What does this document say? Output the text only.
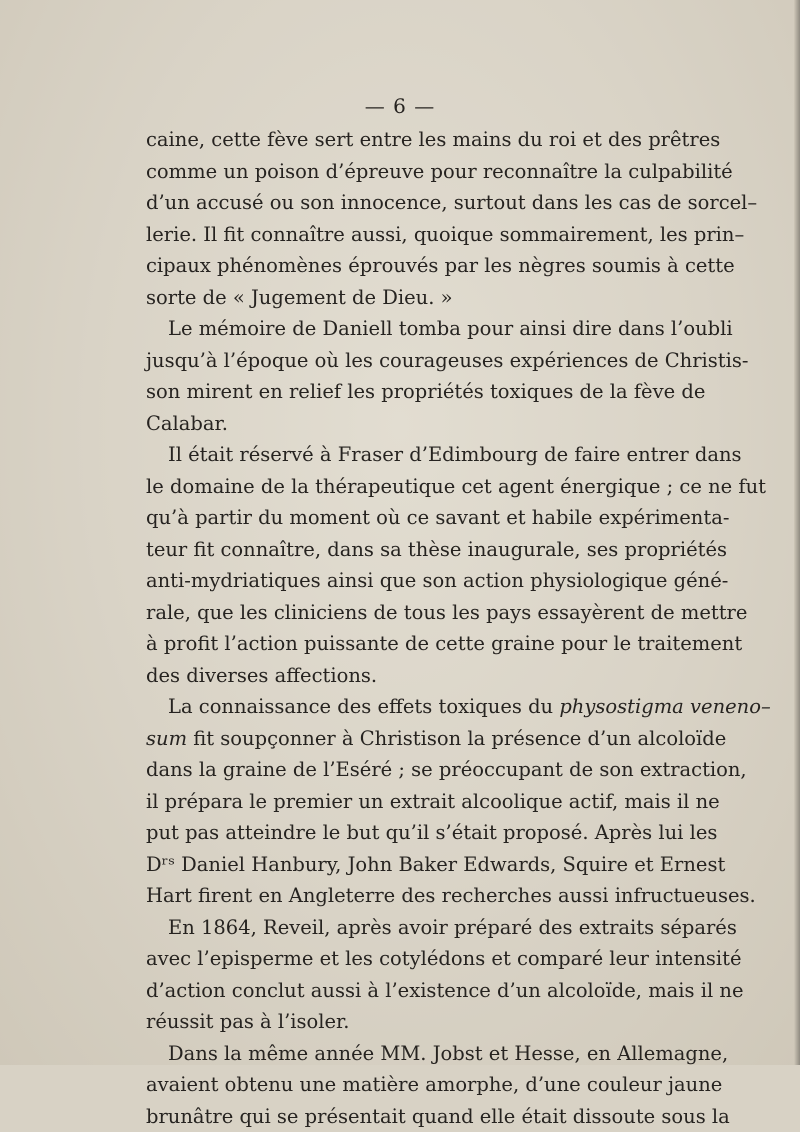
— 6 —
caine, cette fève sert entre les mains du roi et des prêtres
comme un poison d’épreuve pour reconnaître la culpabilité
d’un accusé ou son innocence, surtout dans les cas de sorcel–
lerie. Il fit connaître aussi, quoique sommairement, les prin–
cipaux phénomènes éprouvés par les nègres soumis à cette
sorte de « Jugement de Dieu. »
Le mémoire de Daniell tomba pour ainsi dire dans l’oubli
jusqu’à l’époque où les courageuses expériences de Christis-
son mirent en relief les propriétés toxiques de la fève de
Calabar.
Il était réservé à Fraser d’Edimbourg de faire entrer dans
le domaine de la thérapeutique cet agent énergique ; ce ne fut
qu’à partir du moment où ce savant et habile expérimenta-
teur fit connaître, dans sa thèse inaugurale, ses propriétés
anti-mydriatiques ainsi que son action physiologique géné-
rale, que les cliniciens de tous les pays essayèrent de mettre
à profit l’action puissante de cette graine pour le traitement
des diverses affections.
La connaissance des effets toxiques du physostigma veneno–
sum fit soupçonner à Christison la présence d’un alcoloïde
dans la graine de l’Eséré ; se préoccupant de son extraction,
il prépara le premier un extrait alcoolique actif, mais il ne
put pas atteindre le but qu’il s’était proposé. Après lui les
Dʳˢ Daniel Hanbury, John Baker Edwards, Squire et Ernest
Hart firent en Angleterre des recherches aussi infructueuses.
En 1864, Reveil, après avoir préparé des extraits séparés
avec l’episperme et les cotylédons et comparé leur intensité
d’action conclut aussi à l’existence d’un alcoloïde, mais il ne
réussit pas à l’isoler.
Dans la même année MM. Jobst et Hesse, en Allemagne,
avaient obtenu une matière amorphe, d’une couleur jaune
brunâtre qui se présentait quand elle était dissoute sous la
